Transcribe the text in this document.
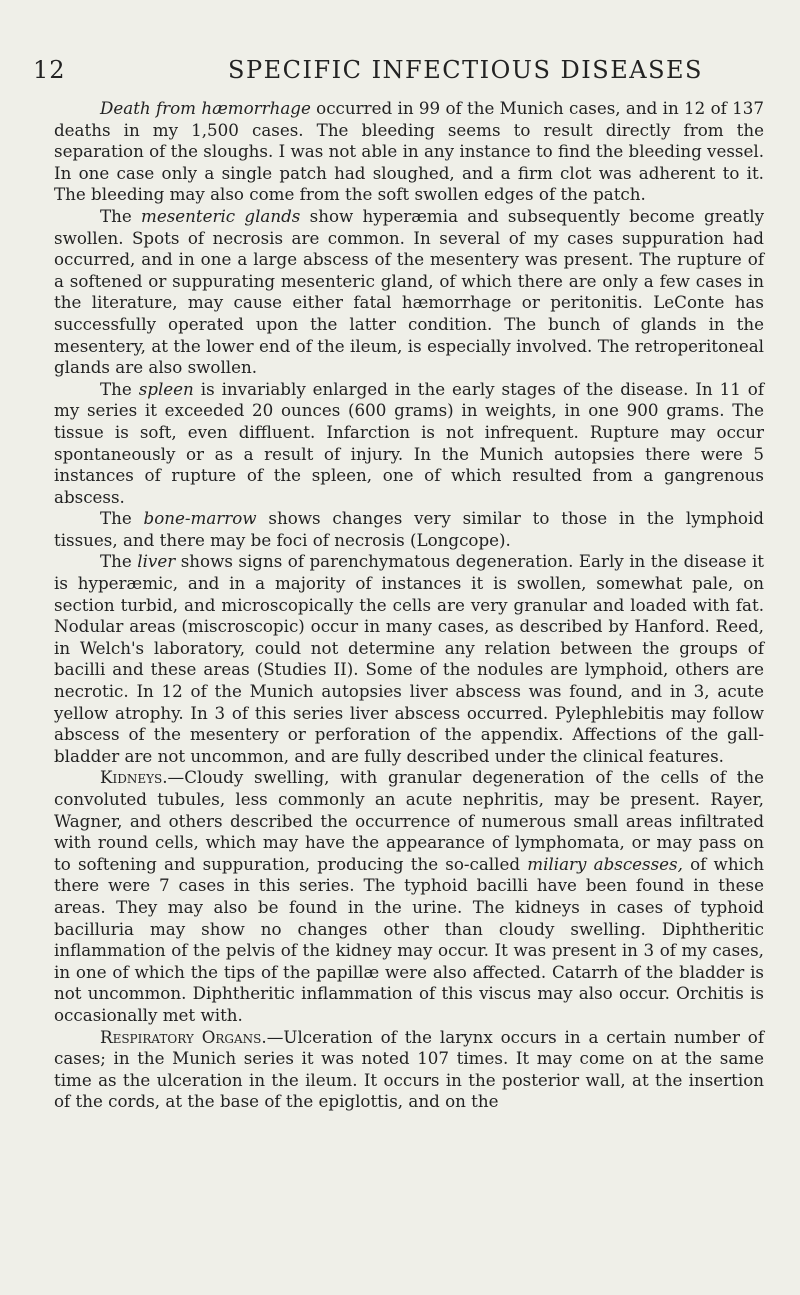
12	SPECIFIC INFECTIOUS DISEASES

Death from hæmorrhage occurred in 99 of the Munich cases, and in 12 of 137 deaths in my 1,500 cases. The bleeding seems to result directly from the separation of the sloughs. I was not able in any instance to find the bleeding vessel. In one case only a single patch had sloughed, and a firm clot was adherent to it. The bleeding may also come from the soft swollen edges of the patch.

The mesenteric glands show hyperæmia and subsequently become greatly swollen. Spots of necrosis are common. In several of my cases suppuration had occurred, and in one a large abscess of the mesentery was present. The rupture of a softened or suppurating mesenteric gland, of which there are only a few cases in the literature, may cause either fatal hæmorrhage or peritonitis. LeConte has successfully operated upon the latter condition. The bunch of glands in the mesentery, at the lower end of the ileum, is especially involved. The retroperitoneal glands are also swollen.

The spleen is invariably enlarged in the early stages of the disease. In 11 of my series it exceeded 20 ounces (600 grams) in weights, in one 900 grams. The tissue is soft, even diffluent. Infarction is not infrequent. Rupture may occur spontaneously or as a result of injury. In the Munich autopsies there were 5 instances of rupture of the spleen, one of which resulted from a gangrenous abscess.

The bone-marrow shows changes very similar to those in the lymphoid tissues, and there may be foci of necrosis (Longcope).

The liver shows signs of parenchymatous degeneration. Early in the disease it is hyperæmic, and in a majority of instances it is swollen, somewhat pale, on section turbid, and microscopically the cells are very granular and loaded with fat. Nodular areas (miscroscopic) occur in many cases, as described by Hanford. Reed, in Welch's laboratory, could not determine any relation between the groups of bacilli and these areas (Studies II). Some of the nodules are lymphoid, others are necrotic. In 12 of the Munich autopsies liver abscess was found, and in 3, acute yellow atrophy. In 3 of this series liver abscess occurred. Pylephlebitis may follow abscess of the mesentery or perforation of the appendix. Affections of the gall-bladder are not uncommon, and are fully described under the clinical features.

Kidneys.—Cloudy swelling, with granular degeneration of the cells of the convoluted tubules, less commonly an acute nephritis, may be present. Rayer, Wagner, and others described the occurrence of numerous small areas infiltrated with round cells, which may have the appearance of lymphomata, or may pass on to softening and suppuration, producing the so-called miliary abscesses, of which there were 7 cases in this series. The typhoid bacilli have been found in these areas. They may also be found in the urine. The kidneys in cases of typhoid bacilluria may show no changes other than cloudy swelling. Diphtheritic inflammation of the pelvis of the kidney may occur. It was present in 3 of my cases, in one of which the tips of the papillæ were also affected. Catarrh of the bladder is not uncommon. Diphtheritic inflammation of this viscus may also occur. Orchitis is occasionally met with.

Respiratory Organs.—Ulceration of the larynx occurs in a certain number of cases; in the Munich series it was noted 107 times. It may come on at the same time as the ulceration in the ileum. It occurs in the posterior wall, at the insertion of the cords, at the base of the epiglottis, and on the
